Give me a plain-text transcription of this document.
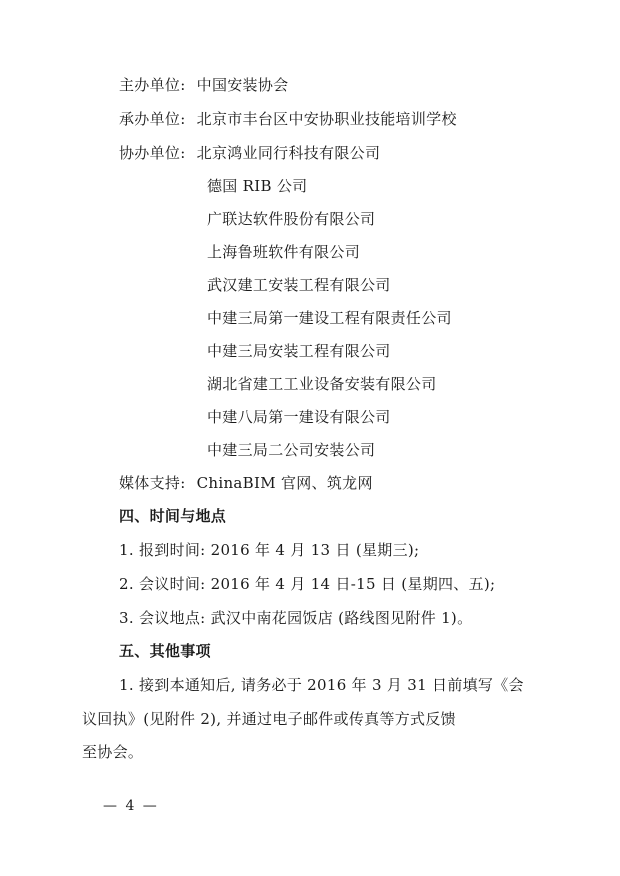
主办单位: 中国安装协会
承办单位: 北京市丰台区中安协职业技能培训学校
协办单位: 北京鸿业同行科技有限公司
德国 RIB 公司
广联达软件股份有限公司
上海鲁班软件有限公司
武汉建工安装工程有限公司
中建三局第一建设工程有限责任公司
中建三局安装工程有限公司
湖北省建工工业设备安装有限公司
中建八局第一建设有限公司
中建三局二公司安装公司
媒体支持: ChinaBIM 官网、筑龙网
四、时间与地点
1. 报到时间: 2016 年 4 月 13 日 (星期三);
2. 会议时间: 2016 年 4 月 14 日-15 日 (星期四、五);
3. 会议地点: 武汉中南花园饭店 (路线图见附件 1)。
五、其他事项
1. 接到本通知后, 请务必于 2016 年 3 月 31 日前填写《会
议回执》(见附件 2), 并通过电子邮件或传真等方式反馈
至协会。
— 4 —
